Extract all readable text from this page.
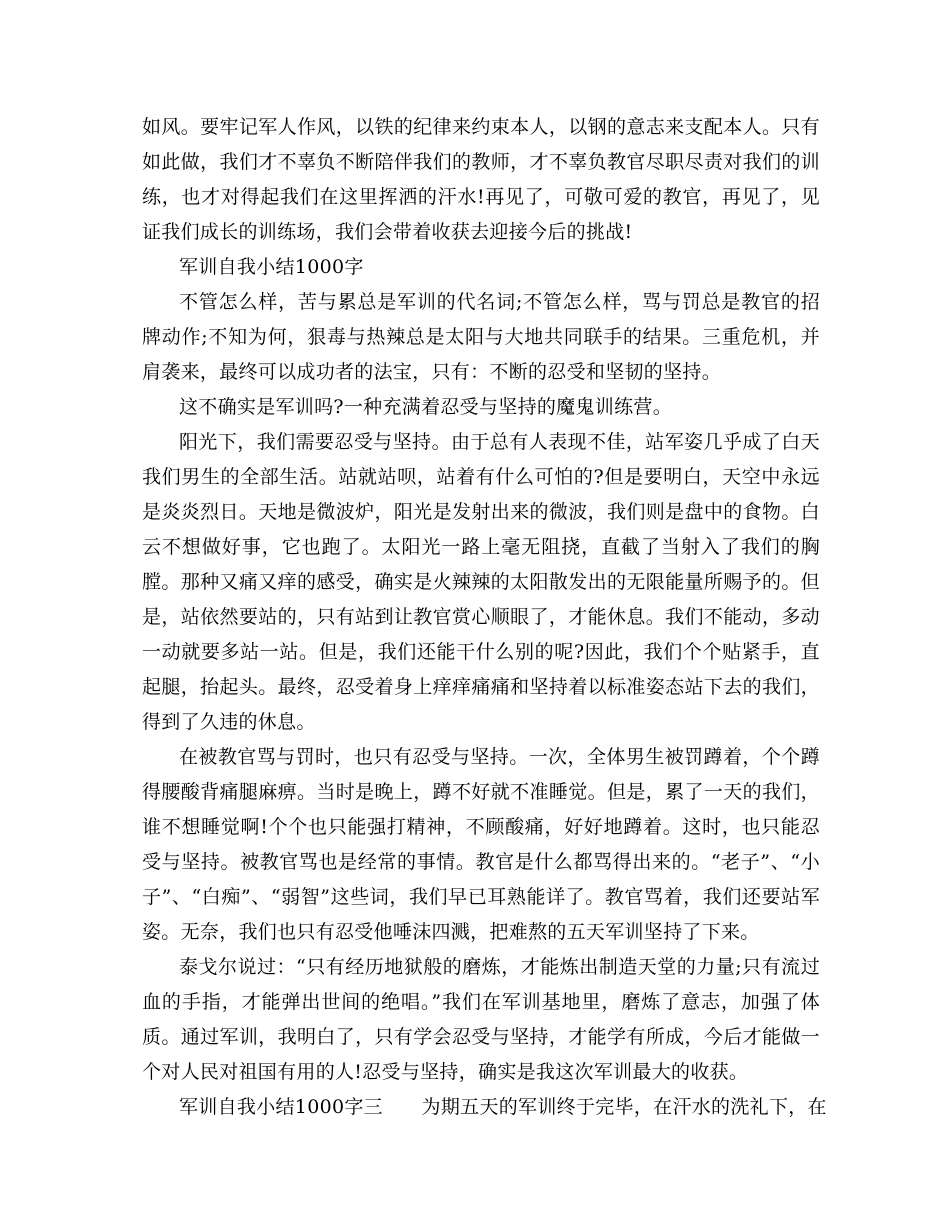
如风。要牢记军人作风，以铁的纪律来约束本人，以钢的意志来支配本人。只有如此做，我们才不辜负不断陪伴我们的教师，才不辜负教官尽职尽责对我们的训练，也才对得起我们在这里挥洒的汗水!再见了，可敬可爱的教官，再见了，见证我们成长的训练场，我们会带着收获去迎接今后的挑战!

军训自我小结1000字

不管怎么样，苦与累总是军训的代名词;不管怎么样，骂与罚总是教官的招牌动作;不知为何，狠毒与热辣总是太阳与大地共同联手的结果。三重危机，并肩袭来，最终可以成功者的法宝，只有：不断的忍受和坚韧的坚持。

这不确实是军训吗?一种充满着忍受与坚持的魔鬼训练营。

阳光下，我们需要忍受与坚持。由于总有人表现不佳，站军姿几乎成了白天我们男生的全部生活。站就站呗，站着有什么可怕的?但是要明白，天空中永远是炎炎烈日。天地是微波炉，阳光是发射出来的微波，我们则是盘中的食物。白云不想做好事，它也跑了。太阳光一路上毫无阻挠，直截了当射入了我们的胸膛。那种又痛又痒的感受，确实是火辣辣的太阳散发出的无限能量所赐予的。但是，站依然要站的，只有站到让教官赏心顺眼了，才能休息。我们不能动，多动一动就要多站一站。但是，我们还能干什么别的呢?因此，我们个个贴紧手，直起腿，抬起头。最终，忍受着身上痒痒痛痛和坚持着以标准姿态站下去的我们，得到了久违的休息。

在被教官骂与罚时，也只有忍受与坚持。一次，全体男生被罚蹲着，个个蹲得腰酸背痛腿麻痹。当时是晚上，蹲不好就不准睡觉。但是，累了一天的我们，谁不想睡觉啊!个个也只能强打精神，不顾酸痛，好好地蹲着。这时，也只能忍受与坚持。被教官骂也是经常的事情。教官是什么都骂得出来的。“老子”、“小子”、“白痴”、“弱智”这些词，我们早已耳熟能详了。教官骂着，我们还要站军姿。无奈，我们也只有忍受他唾沫四溅，把难熬的五天军训坚持了下来。

泰戈尔说过：“只有经历地狱般的磨炼，才能炼出制造天堂的力量;只有流过血的手指，才能弹出世间的绝唱。”我们在军训基地里，磨炼了意志，加强了体质。通过军训，我明白了，只有学会忍受与坚持，才能学有所成，今后才能做一个对人民对祖国有用的人!忍受与坚持，确实是我这次军训最大的收获。

军训自我小结1000字三　　为期五天的军训终于完毕，在汗水的洗礼下，在
